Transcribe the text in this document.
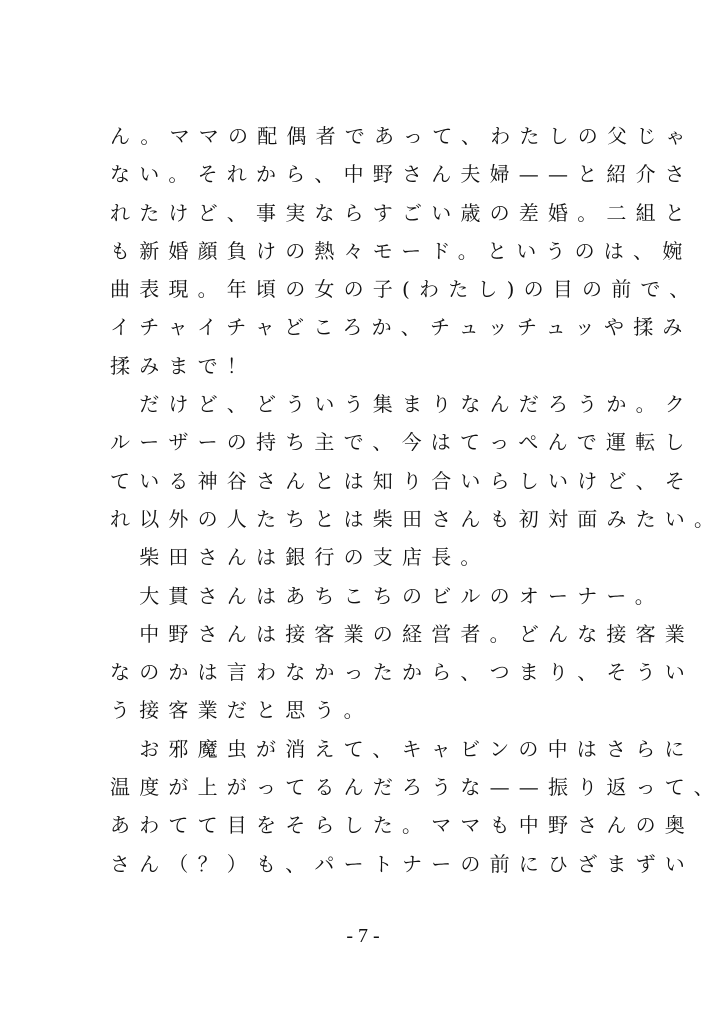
ん。ママの配偶者であって、わたしの父じゃ
ない。それから、中野さん夫婦——と紹介さ
れたけど、事実ならすごい歳の差婚。二組と
も新婚顔負けの熱々モード。というのは、婉
曲表現。年頃の女の子(わたし)の目の前で、
イチャイチャどころか、チュッチュッや揉み
揉みまで！
　だけど、どういう集まりなんだろうか。ク
ルーザーの持ち主で、今はてっぺんで運転し
ている神谷さんとは知り合いらしいけど、そ
れ以外の人たちとは柴田さんも初対面みたい。
　柴田さんは銀行の支店長。
　大貫さんはあちこちのビルのオーナー。
　中野さんは接客業の経営者。どんな接客業
なのかは言わなかったから、つまり、そうい
う接客業だと思う。
　お邪魔虫が消えて、キャビンの中はさらに
温度が上がってるんだろうな——振り返って、
あわてて目をそらした。ママも中野さんの奥
さん（？）も、パートナーの前にひざまずい
- 7 -
